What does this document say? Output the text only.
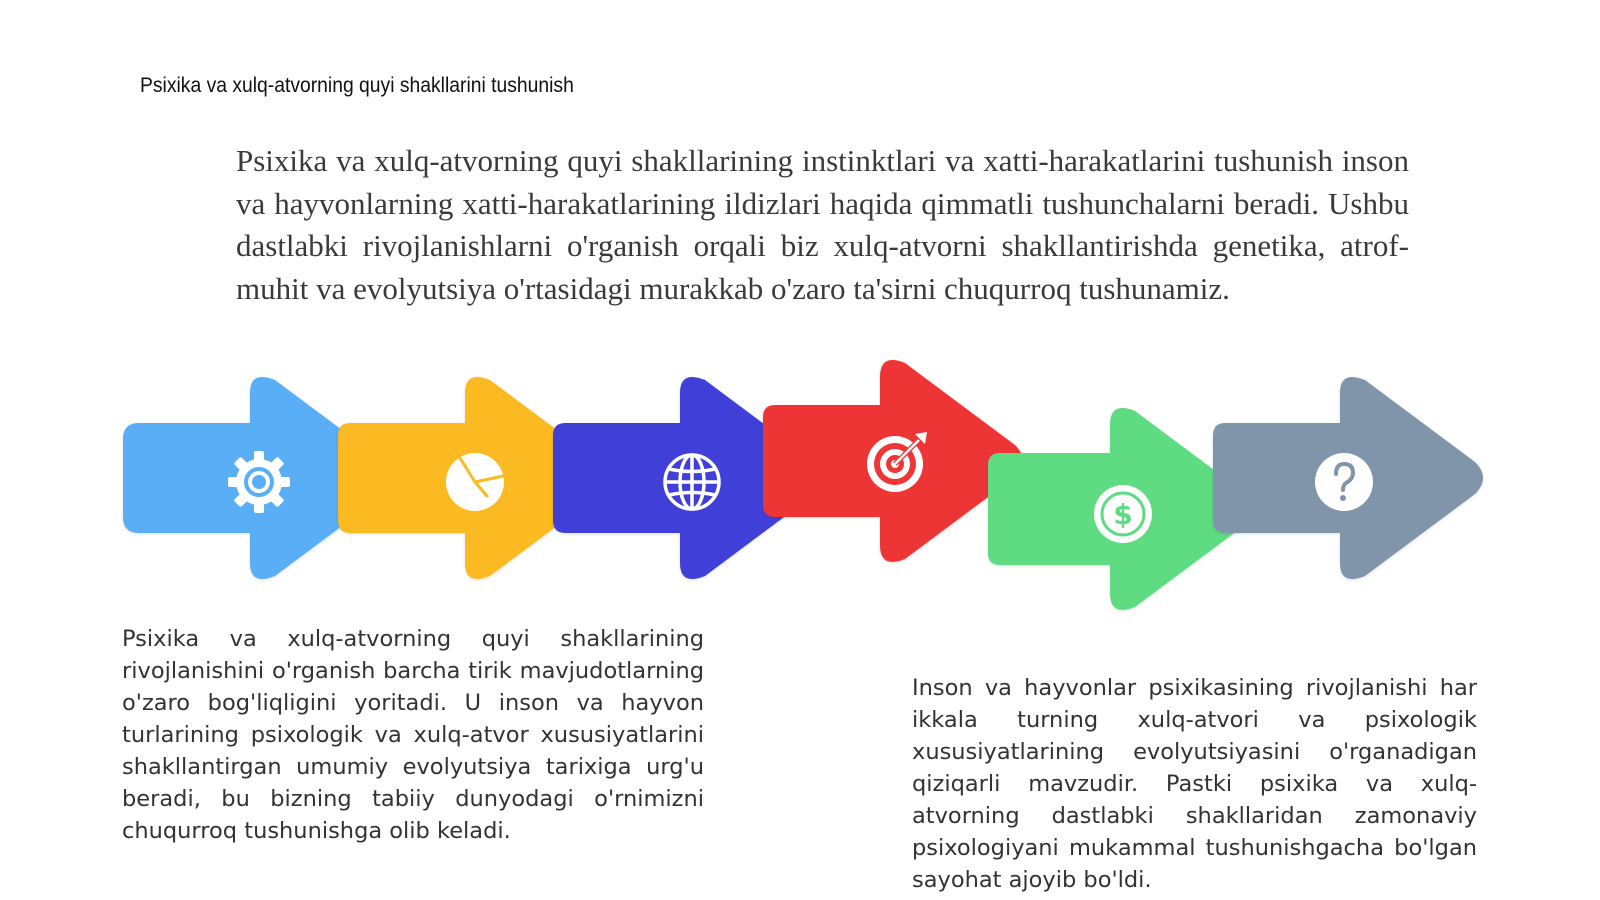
Psixika va xulq-atvorning quyi shakllarini tushunish
Psixika va xulq-atvorning quyi shakllarining instinktlari va xatti-harakatlarini tushunish inson va hayvonlarning xatti-harakatlarining ildizlari haqida qimmatli tushunchalarni beradi. Ushbu dastlabki rivojlanishlarni o'rganish orqali biz xulq-atvorni shakllantirishda genetika, atrof-muhit va evolyutsiya o'rtasidagi murakkab o'zaro ta'sirni chuqurroq tushunamiz.
$
Psixika va xulq-atvorning quyi shakllarining rivojlanishini o'rganish barcha tirik mavjudotlarning o'zaro bog'liqligini yoritadi. U inson va hayvon turlarining psixologik va xulq-atvor xususiyatlarini shakllantirgan umumiy evolyutsiya tarixiga urg'u beradi, bu bizning tabiiy dunyodagi o'rnimizni chuqurroq tushunishga olib keladi.
Inson va hayvonlar psixikasining rivojlanishi har ikkala turning xulq-atvori va psixologik xususiyatlarining evolyutsiyasini o'rganadigan qiziqarli mavzudir. Pastki psixika va xulq-atvorning dastlabki shakllaridan zamonaviy psixologiyani mukammal tushunishgacha bo'lgan sayohat ajoyib bo'ldi.
